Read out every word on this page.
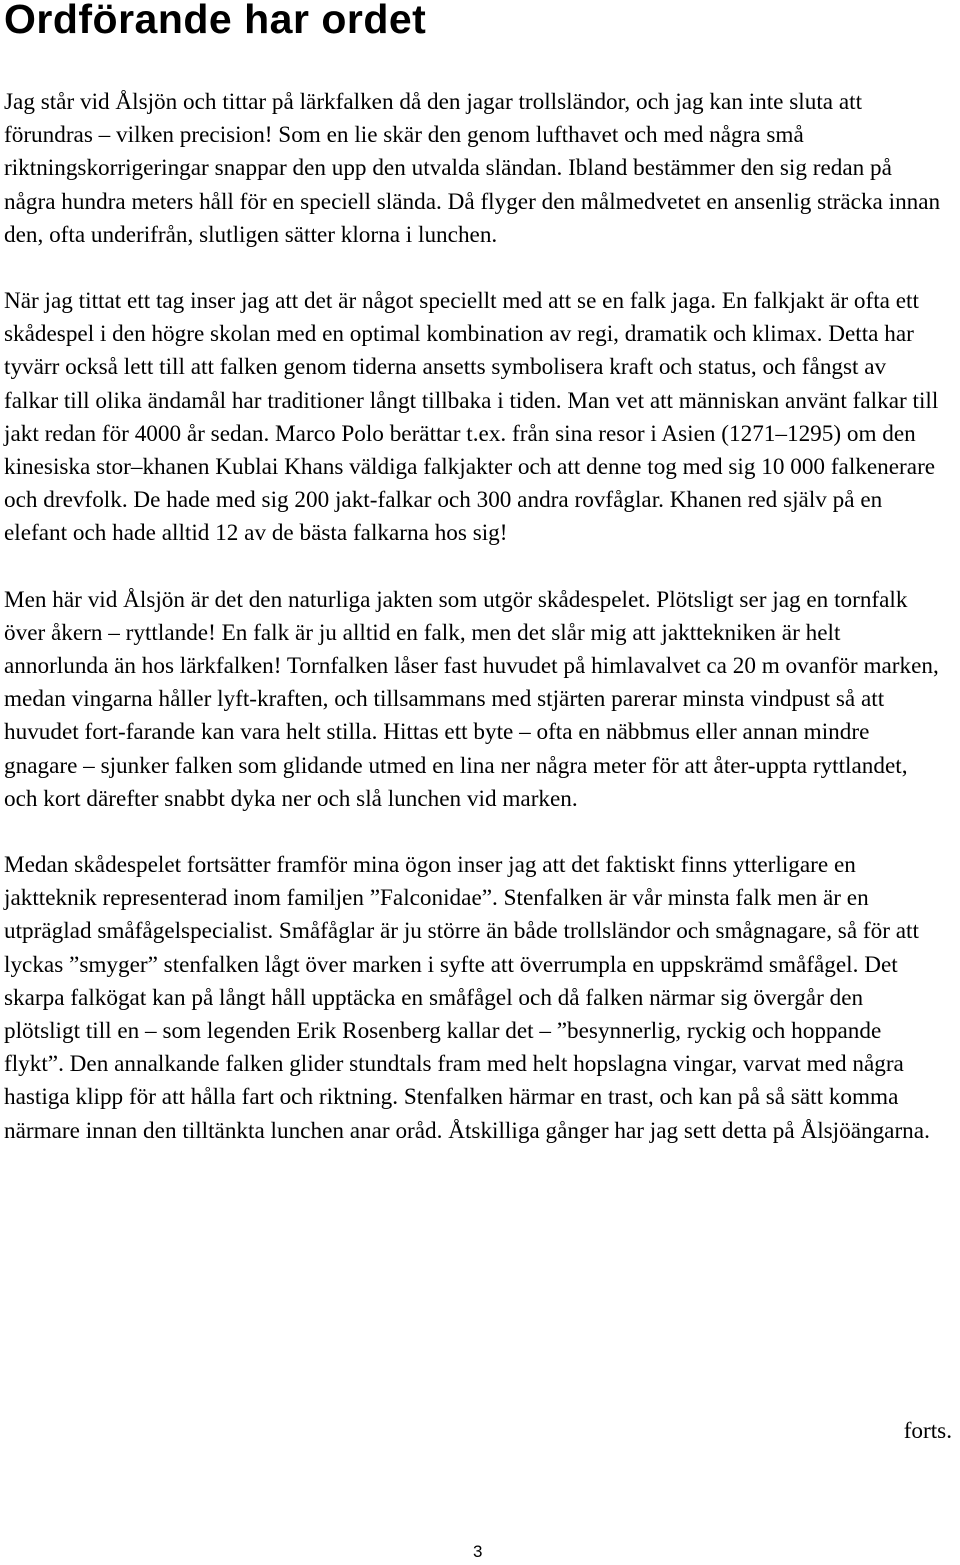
Ordförande har ordet

Jag står vid Ålsjön och tittar på lärkfalken då den jagar trollsländor, och jag kan inte sluta att förundras – vilken precision! Som en lie skär den genom lufthavet och med några små riktningskorrigeringar snappar den upp den utvalda sländan. Ibland bestämmer den sig redan på några hundra meters håll för en speciell slända. Då flyger den målmedvetet en ansenlig sträcka innan den, ofta underifrån, slutligen sätter klorna i lunchen.

När jag tittat ett tag inser jag att det är något speciellt med att se en falk jaga. En falkjakt är ofta ett skådespel i den högre skolan med en optimal kombination av regi, dramatik och klimax. Detta har tyvärr också lett till att falken genom tiderna ansetts symbolisera kraft och status, och fångst av falkar till olika ändamål har traditioner långt tillbaka i tiden. Man vet att människan använt falkar till jakt redan för 4000 år sedan. Marco Polo berättar t.ex. från sina resor i Asien (1271–1295) om den kinesiska stor–khanen Kublai Khans väldiga falkjakter och att denne tog med sig 10 000 falkenerare och drevfolk. De hade med sig 200 jakt-falkar och 300 andra rovfåglar. Khanen red själv på en elefant och hade alltid 12 av de bästa falkarna hos sig!

Men här vid Ålsjön är det den naturliga jakten som utgör skådespelet. Plötsligt ser jag en tornfalk över åkern – ryttlande! En falk är ju alltid en falk, men det slår mig att jakttekniken är helt annorlunda än hos lärkfalken! Tornfalken låser fast huvudet på himlavalvet ca 20 m ovanför marken, medan vingarna håller lyft-kraften, och tillsammans med stjärten parerar minsta vindpust så att huvudet fort-farande kan vara helt stilla. Hittas ett byte – ofta en näbbmus eller annan mindre gnagare – sjunker falken som glidande utmed en lina ner några meter för att åter-uppta ryttlandet, och kort därefter snabbt dyka ner och slå lunchen vid marken.

Medan skådespelet fortsätter framför mina ögon inser jag att det faktiskt finns ytterligare en jaktteknik representerad inom familjen ”Falconidae”. Stenfalken är vår minsta falk men är en utpräglad småfågelspecialist. Småfåglar är ju större än både trollsländor och smågnagare, så för att lyckas ”smyger” stenfalken lågt över marken i syfte att överrumpla en uppskrämd småfågel. Det skarpa falkögat kan på långt håll upptäcka en småfågel och då falken närmar sig övergår den plötsligt till en – som legenden Erik Rosenberg kallar det – ”besynnerlig, ryckig och hoppande flykt”. Den annalkande falken glider stundtals fram med helt hopslagna vingar, varvat med några hastiga klipp för att hålla fart och riktning. Stenfalken härmar en trast, och kan på så sätt komma närmare innan den tilltänkta lunchen anar oråd. Åtskilliga gånger har jag sett detta på Ålsjöängarna.

forts.
3
